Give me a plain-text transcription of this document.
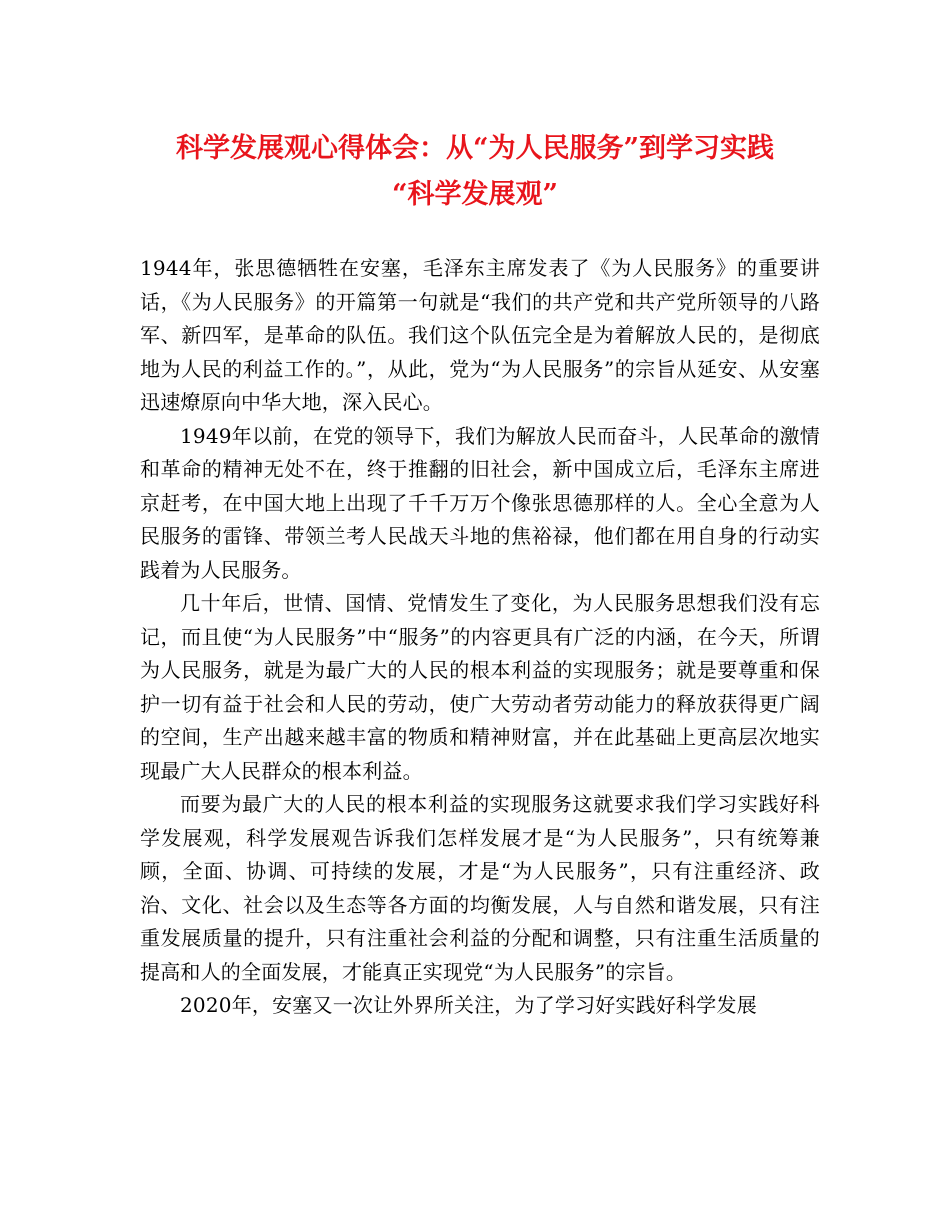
科学发展观心得体会：从“为人民服务”到学习实践
“科学发展观”

1944年，张思德牺牲在安塞，毛泽东主席发表了《为人民服务》的重要讲话，《为人民服务》的开篇第一句就是“我们的共产党和共产党所领导的八路军、新四军，是革命的队伍。我们这个队伍完全是为着解放人民的，是彻底地为人民的利益工作的。”，从此，党为“为人民服务”的宗旨从延安、从安塞迅速燎原向中华大地，深入民心。

1949年以前，在党的领导下，我们为解放人民而奋斗，人民革命的激情和革命的精神无处不在，终于推翻的旧社会，新中国成立后，毛泽东主席进京赶考，在中国大地上出现了千千万万个像张思德那样的人。全心全意为人民服务的雷锋、带领兰考人民战天斗地的焦裕禄，他们都在用自身的行动实践着为人民服务。

几十年后，世情、国情、党情发生了变化，为人民服务思想我们没有忘记，而且使“为人民服务”中“服务”的内容更具有广泛的内涵，在今天，所谓为人民服务，就是为最广大的人民的根本利益的实现服务；就是要尊重和保护一切有益于社会和人民的劳动，使广大劳动者劳动能力的释放获得更广阔的空间，生产出越来越丰富的物质和精神财富，并在此基础上更高层次地实现最广大人民群众的根本利益。

而要为最广大的人民的根本利益的实现服务这就要求我们学习实践好科学发展观，科学发展观告诉我们怎样发展才是“为人民服务”，只有统筹兼顾，全面、协调、可持续的发展，才是“为人民服务”，只有注重经济、政治、文化、社会以及生态等各方面的均衡发展，人与自然和谐发展，只有注重发展质量的提升，只有注重社会利益的分配和调整，只有注重生活质量的提高和人的全面发展，才能真正实现党“为人民服务”的宗旨。

2020年，安塞又一次让外界所关注，为了学习好实践好科学发展
